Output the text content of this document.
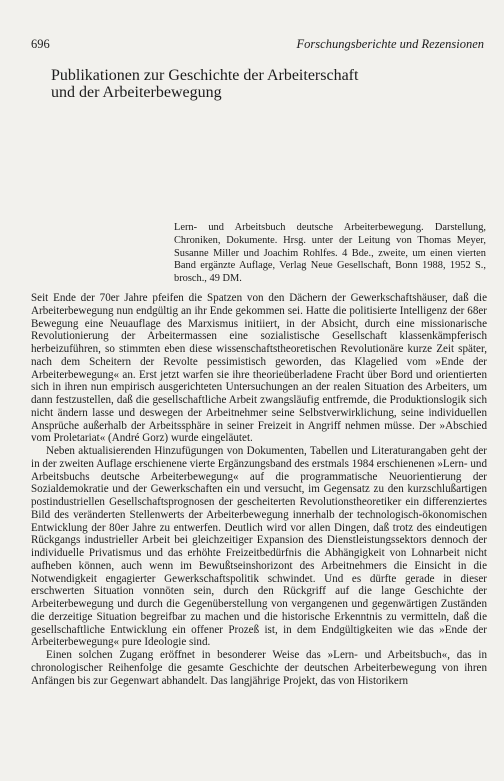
696	Forschungsberichte und Rezensionen
Publikationen zur Geschichte der Arbeiterschaft
und der Arbeiterbewegung

Lern- und Arbeitsbuch deutsche Arbeiterbewegung. Darstellung, Chroniken, Dokumente. Hrsg. unter der Leitung von Thomas Meyer, Susanne Miller und Joachim Rohlfes. 4 Bde., zweite, um einen vierten Band ergänzte Auflage, Verlag Neue Gesellschaft, Bonn 1988, 1952 S., brosch., 49 DM.

Seit Ende der 70er Jahre pfeifen die Spatzen von den Dächern der Gewerkschaftshäuser, daß die Arbeiterbewegung nun endgültig an ihr Ende gekommen sei. Hatte die politisierte Intelligenz der 68er Bewegung eine Neuauflage des Marxismus initiiert, in der Absicht, durch eine missionarische Revolutionierung der Arbeitermassen eine sozialistische Gesellschaft klassenkämpferisch herbeizuführen, so stimmten eben diese wissenschaftstheoretischen Revolutionäre kurze Zeit später, nach dem Scheitern der Revolte pessimistisch geworden, das Klagelied vom »Ende der Arbeiterbewegung« an. Erst jetzt warfen sie ihre theorieüberladene Fracht über Bord und orientierten sich in ihren nun empirisch ausgerichteten Untersuchungen an der realen Situation des Arbeiters, um dann festzustellen, daß die gesellschaftliche Arbeit zwangsläufig entfremde, die Produktionslogik sich nicht ändern lasse und deswegen der Arbeitnehmer seine Selbstverwirklichung, seine individuellen Ansprüche außerhalb der Arbeitssphäre in seiner Freizeit in Angriff nehmen müsse. Der »Abschied vom Proletariat« (André Gorz) wurde eingeläutet.

Neben aktualisierenden Hinzufügungen von Dokumenten, Tabellen und Literaturangaben geht der in der zweiten Auflage erschienene vierte Ergänzungsband des erstmals 1984 erschienenen »Lern- und Arbeitsbuchs deutsche Arbeiterbewegung« auf die programmatische Neuorientierung der Sozialdemokratie und der Gewerkschaften ein und versucht, im Gegensatz zu den kurzschlußartigen postindustriellen Gesellschaftsprognosen der gescheiterten Revolutionstheoretiker ein differenziertes Bild des veränderten Stellenwerts der Arbeiterbewegung innerhalb der technologisch-ökonomischen Entwicklung der 80er Jahre zu entwerfen. Deutlich wird vor allen Dingen, daß trotz des eindeutigen Rückgangs industrieller Arbeit bei gleichzeitiger Expansion des Dienstleistungssektors dennoch der individuelle Privatismus und das erhöhte Freizeitbedürfnis die Abhängigkeit von Lohnarbeit nicht aufheben können, auch wenn im Bewußtseinshorizont des Arbeitnehmers die Einsicht in die Notwendigkeit engagierter Gewerkschaftspolitik schwindet. Und es dürfte gerade in dieser erschwerten Situation vonnöten sein, durch den Rückgriff auf die lange Geschichte der Arbeiterbewegung und durch die Gegenüberstellung von vergangenen und gegenwärtigen Zuständen die derzeitige Situation begreifbar zu machen und die historische Erkenntnis zu vermitteln, daß die gesellschaftliche Entwicklung ein offener Prozeß ist, in dem Endgültigkeiten wie das »Ende der Arbeiterbewegung« pure Ideologie sind.

Einen solchen Zugang eröffnet in besonderer Weise das »Lern- und Arbeitsbuch«, das in chronologischer Reihenfolge die gesamte Geschichte der deutschen Arbeiterbewegung von ihren Anfängen bis zur Gegenwart abhandelt. Das langjährige Projekt, das von Historikern
